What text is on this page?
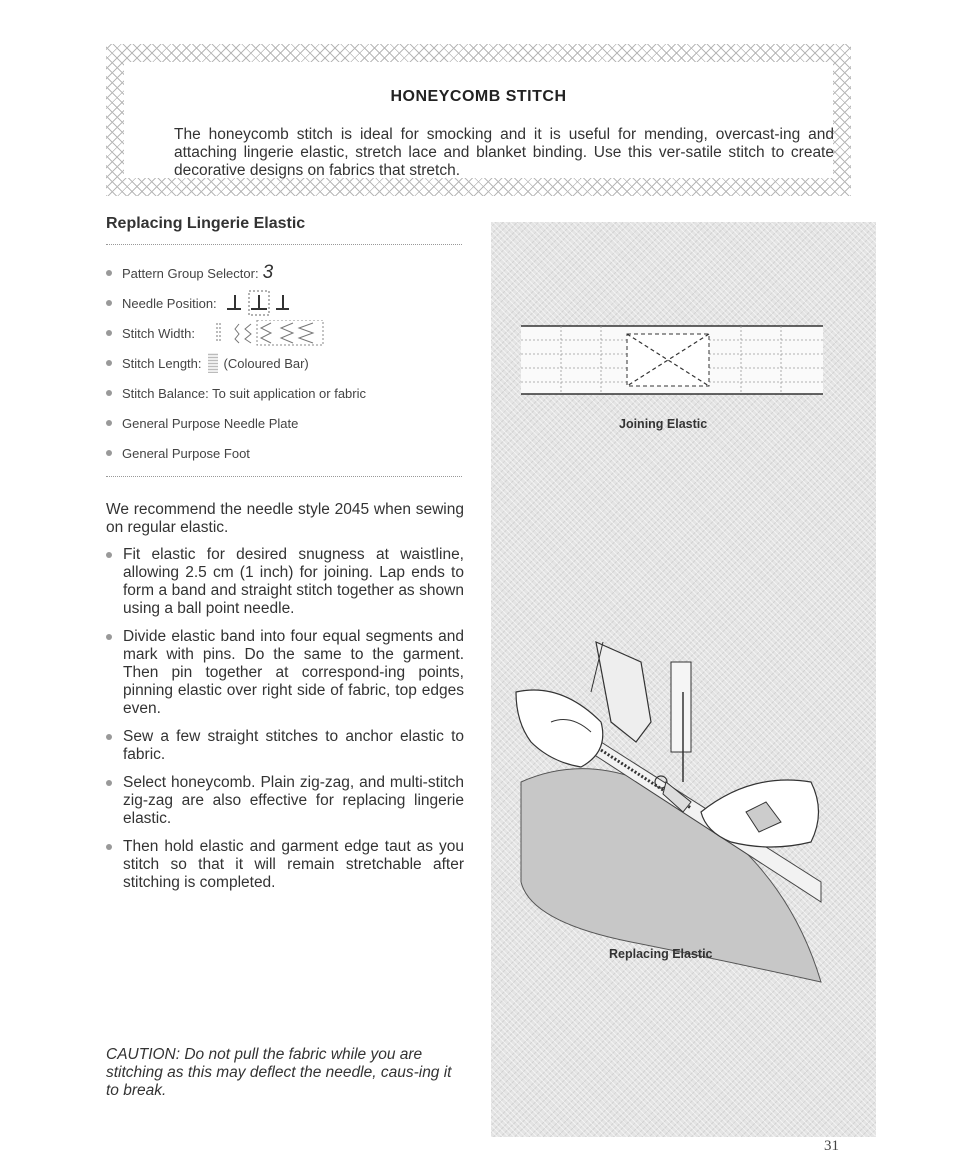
HONEYCOMB STITCH
The honeycomb stitch is ideal for smocking and it is useful for mending, overcast-ing and attaching lingerie elastic, stretch lace and blanket binding. Use this ver-satile stitch to create decorative designs on fabrics that stretch.
Replacing Lingerie Elastic
Pattern Group Selector: 3
Needle Position:
Stitch Width:
Stitch Length: (Coloured Bar)
Stitch Balance: To suit application or fabric
General Purpose Needle Plate
General Purpose Foot
We recommend the needle style 2045 when sewing on regular elastic.
Fit elastic for desired snugness at waistline, allowing 2.5 cm (1 inch) for joining. Lap ends to form a band and straight stitch together as shown using a ball point needle.
Divide elastic band into four equal segments and mark with pins. Do the same to the garment. Then pin together at correspond-ing points, pinning elastic over right side of fabric, top edges even.
Sew a few straight stitches to anchor elastic to fabric.
Select honeycomb. Plain zig-zag, and multi-stitch zig-zag are also effective for replacing lingerie elastic.
Then hold elastic and garment edge taut as you stitch so that it will remain stretchable after stitching is completed.
CAUTION: Do not pull the fabric while you are stitching as this may deflect the needle, caus-ing it to break.
Joining Elastic
Replacing Elastic
31
